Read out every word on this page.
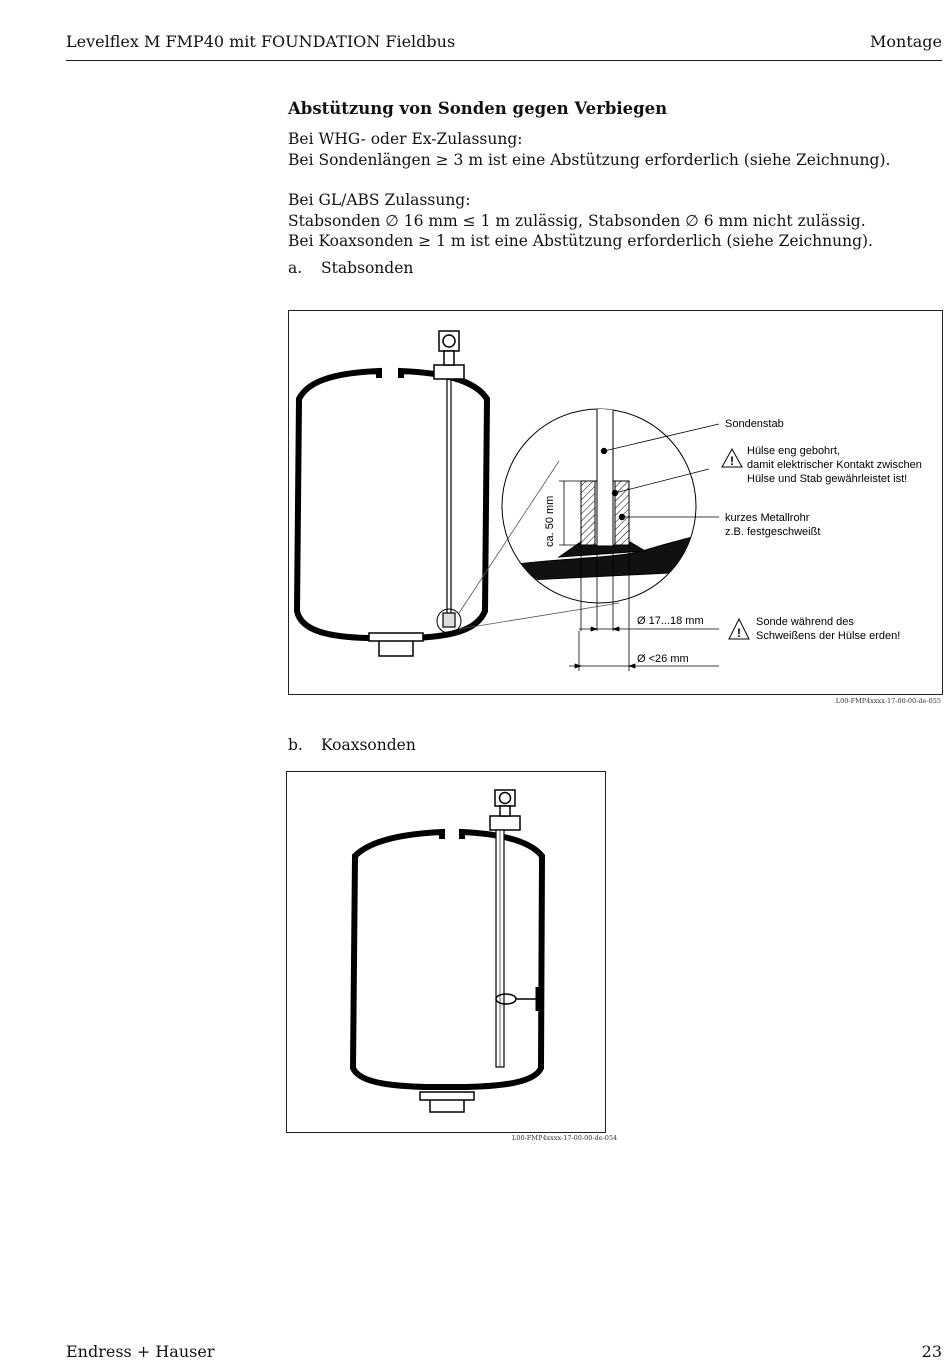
Levelflex M FMP40 mit FOUNDATION Fieldbus	Montage
Abstützung von Sonden gegen Verbiegen
Bei WHG- oder Ex-Zulassung:
Bei Sondenlängen ≥ 3 m ist eine Abstützung erforderlich (siehe Zeichnung).
Bei GL/ABS Zulassung:
Stabsonden ∅ 16 mm ≤ 1 m zulässig, Stabsonden ∅ 6 mm nicht zulässig.
Bei Koaxsonden ≥ 1 m ist eine Abstützung erforderlich (siehe Zeichnung).
a. Stabsonden
ca. 50 mm
Ø 17...18 mm
Ø <26 mm
Sondenstab
!
Hülse eng gebohrt,
damit elektrischer Kontakt zwischen
Hülse und Stab gewährleistet ist!
kurzes Metallrohr
z.B. festgeschweißt
!
Sonde während des
Schweißens der Hülse erden!
L00-FMP4xxxx-17-00-00-de-055
b. Koaxsonden
L00-FMP4xxxx-17-00-00-de-054
Endress + Hauser	23
